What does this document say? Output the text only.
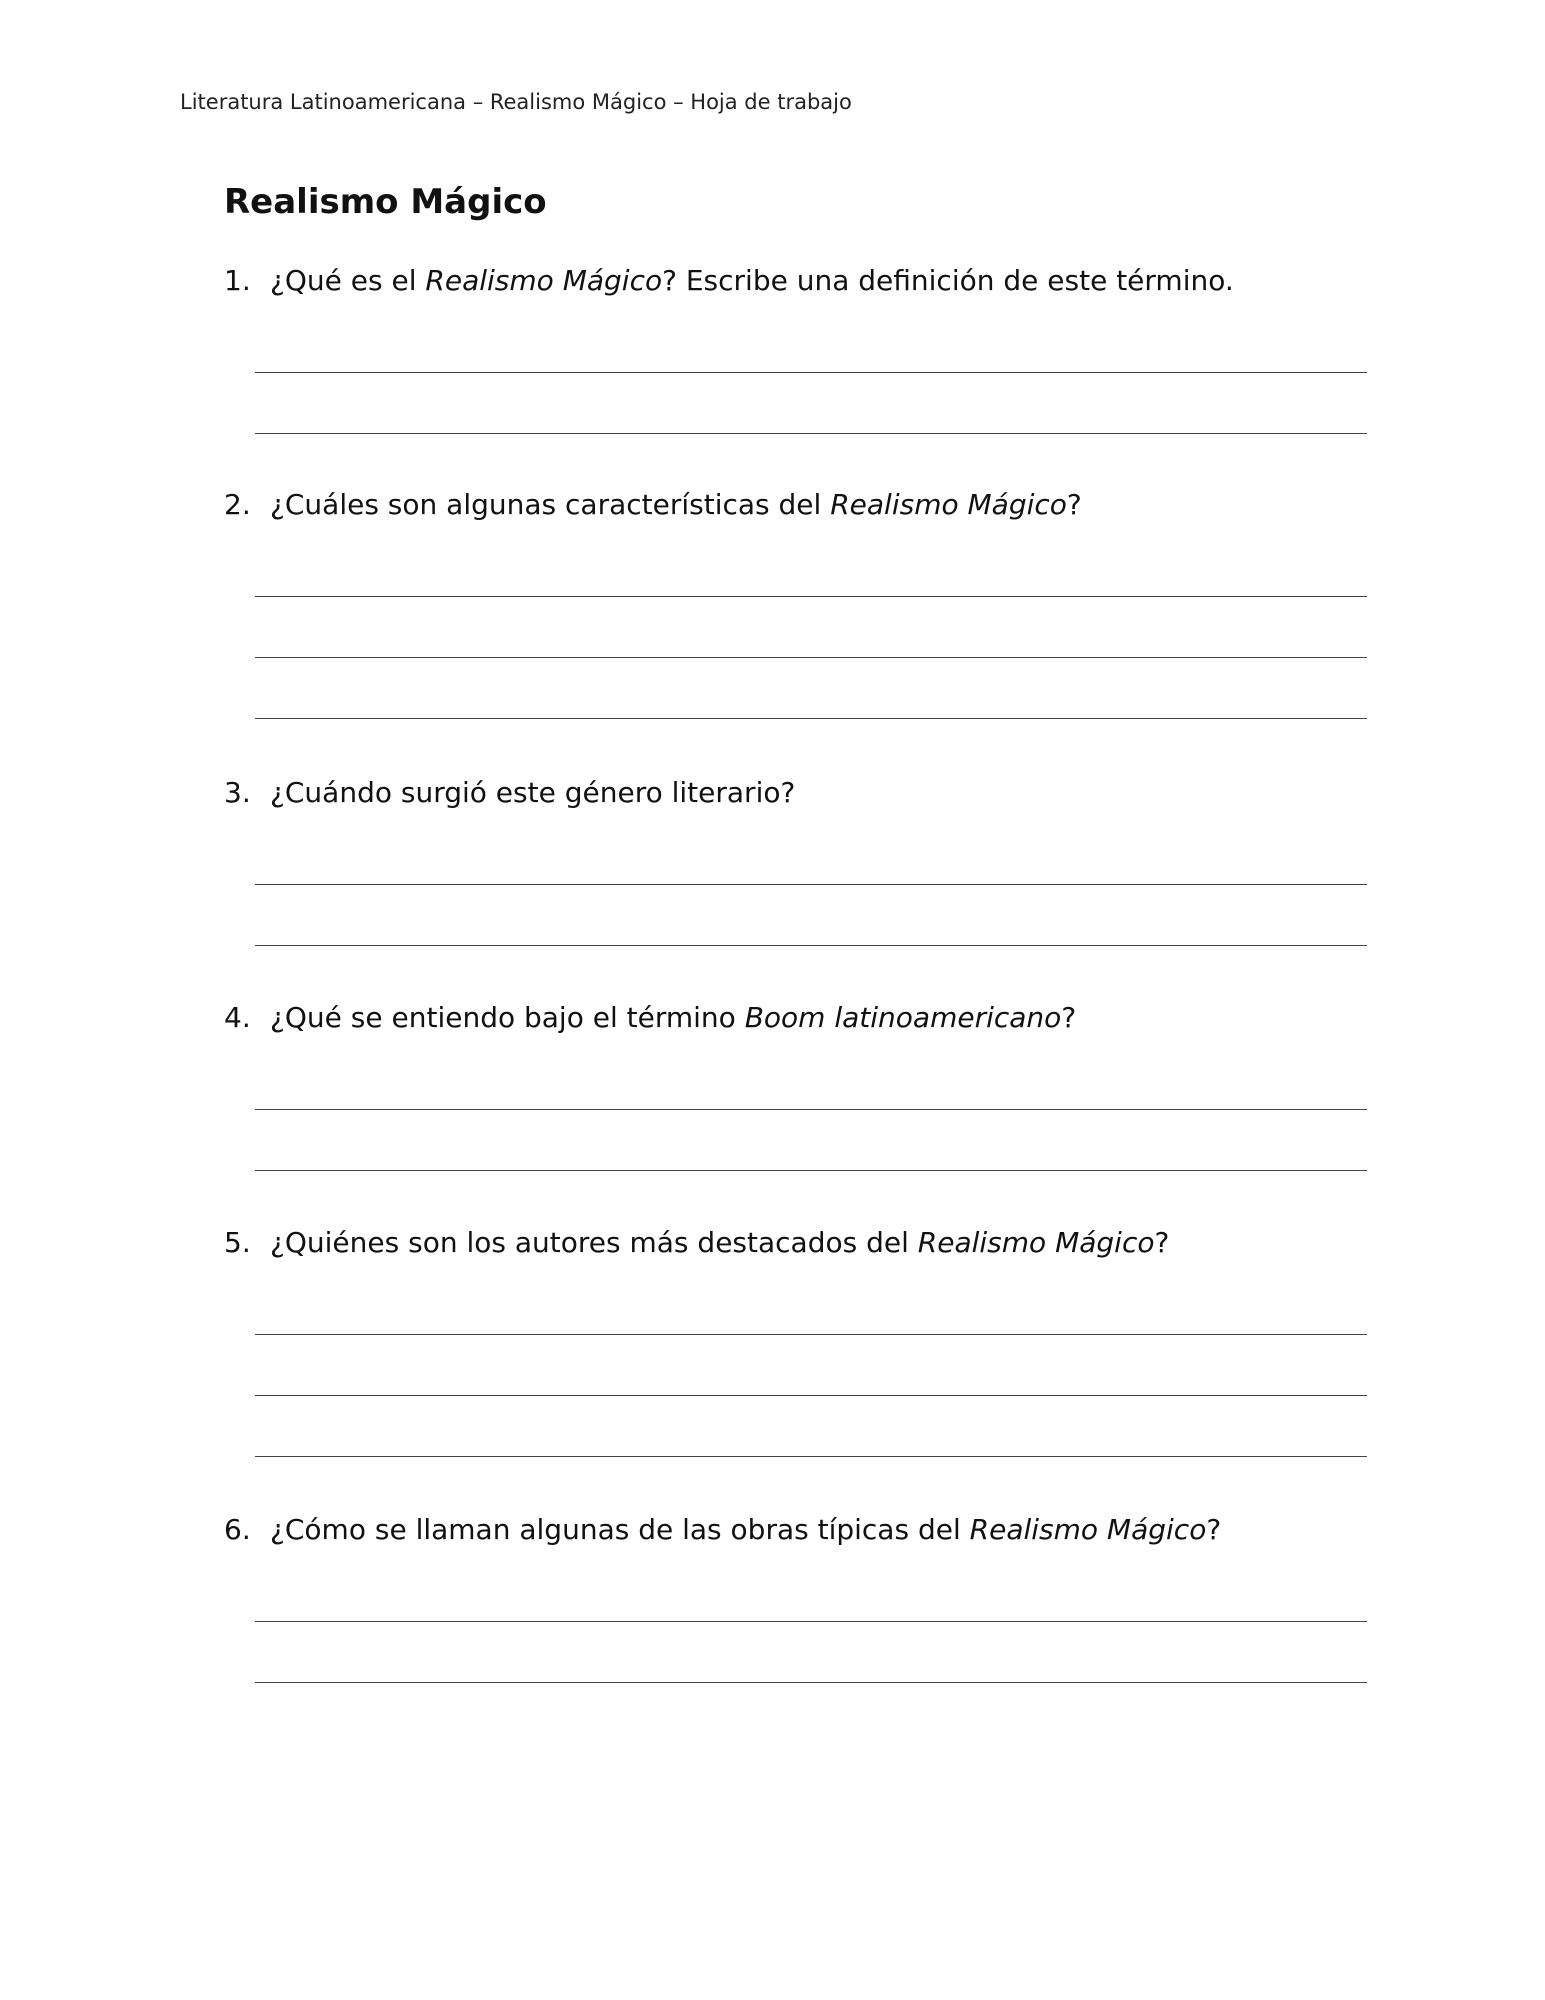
Literatura Latinoamericana – Realismo Mágico – Hoja de trabajo
Realismo Mágico
1. ¿Qué es el Realismo Mágico? Escribe una definición de este término.
2. ¿Cuáles son algunas características del Realismo Mágico?
3. ¿Cuándo surgió este género literario?
4. ¿Qué se entiendo bajo el término Boom latinoamericano?
5. ¿Quiénes son los autores más destacados del Realismo Mágico?
6. ¿Cómo se llaman algunas de las obras típicas del Realismo Mágico?
